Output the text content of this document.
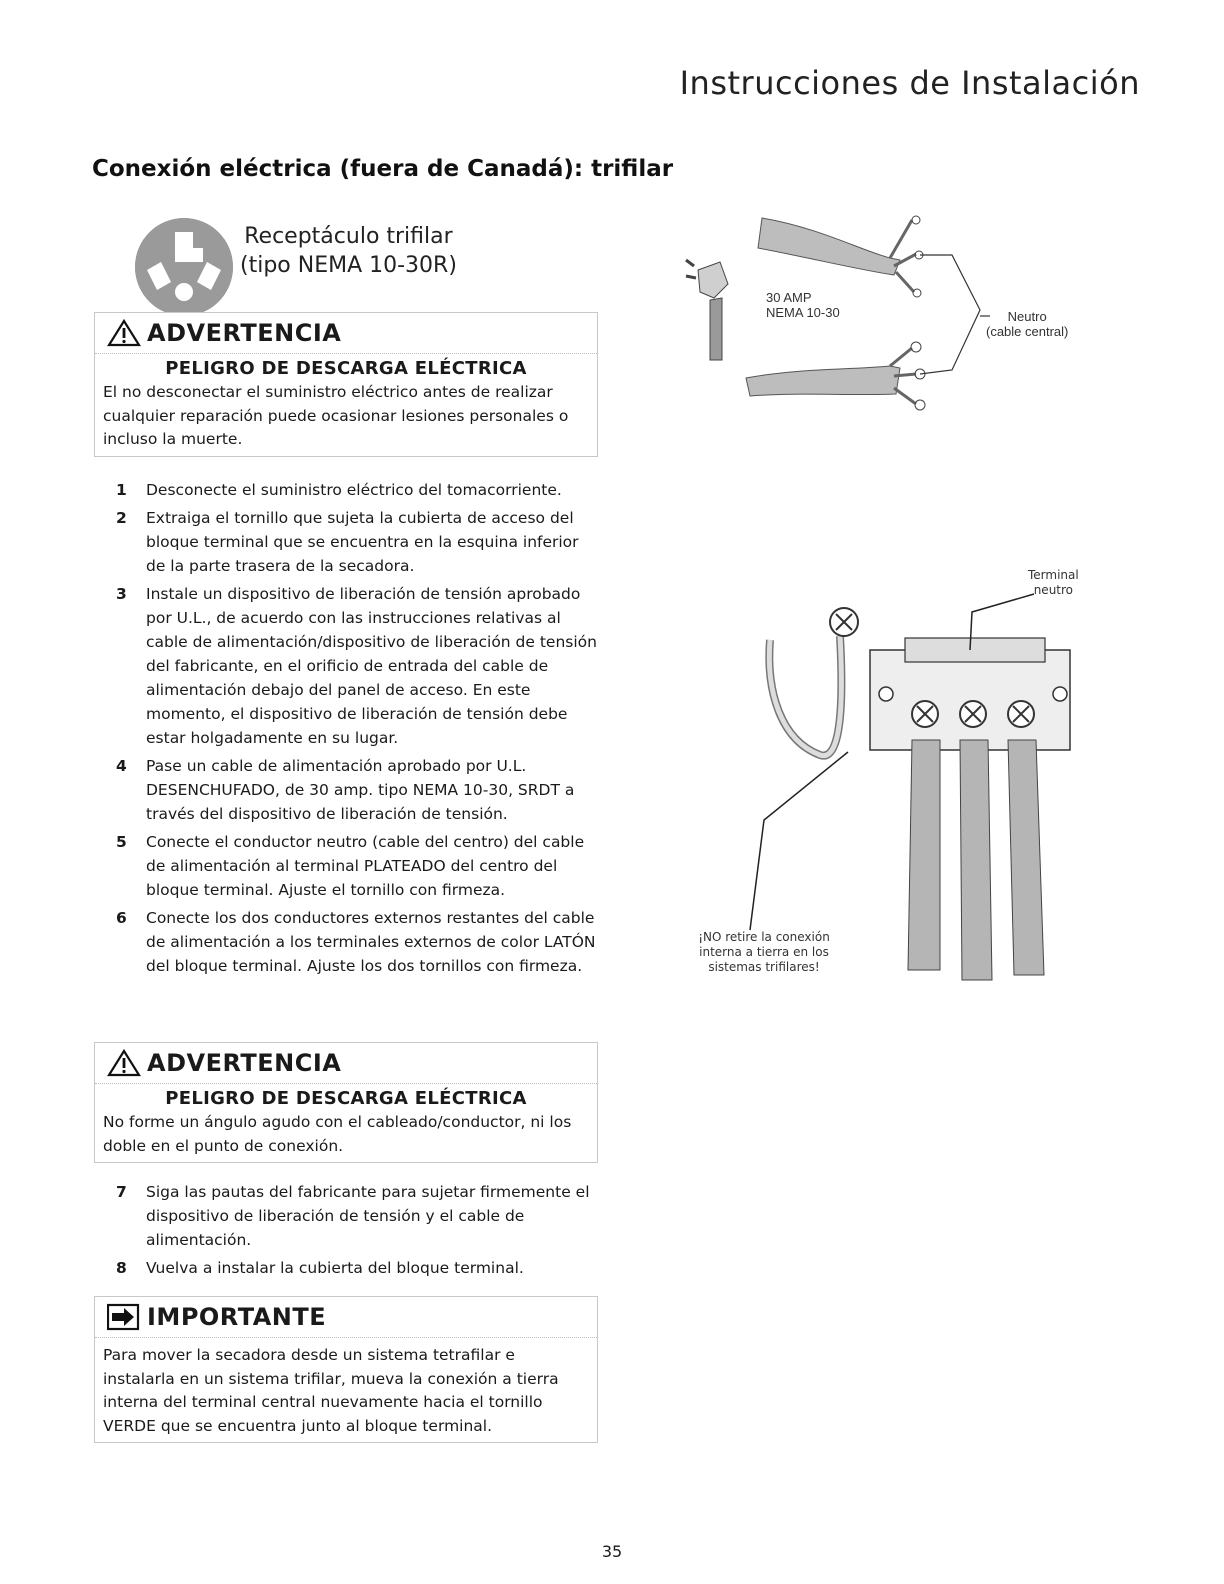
Instrucciones de Instalación
Conexión eléctrica (fuera de Canadá): trifilar
Receptáculo trifilar
(tipo NEMA 10-30R)
ADVERTENCIA
PELIGRO DE DESCARGA ELÉCTRICA
El no desconectar el suministro eléctrico antes de realizar cualquier reparación puede ocasionar lesiones personales o incluso la muerte.
1 Desconecte el suministro eléctrico del tomacorriente.
2 Extraiga el tornillo que sujeta la cubierta de acceso del bloque terminal que se encuentra en la esquina inferior de la parte trasera de la secadora.
3 Instale un dispositivo de liberación de tensión aprobado por U.L., de acuerdo con las instrucciones relativas al cable de alimentación/dispositivo de liberación de tensión del fabricante, en el orificio de entrada del cable de alimentación debajo del panel de acceso. En este momento, el dispositivo de liberación de tensión debe estar holgadamente en su lugar.
4 Pase un cable de alimentación aprobado por U.L. DESENCHUFADO, de 30 amp. tipo NEMA 10-30, SRDT a través del dispositivo de liberación de tensión.
5 Conecte el conductor neutro (cable del centro) del cable de alimentación al terminal PLATEADO del centro del bloque terminal. Ajuste el tornillo con firmeza.
6 Conecte los dos conductores externos restantes del cable de alimentación a los terminales externos de color LATÓN del bloque terminal. Ajuste los dos tornillos con firmeza.
ADVERTENCIA
PELIGRO DE DESCARGA ELÉCTRICA
No forme un ángulo agudo con el cableado/conductor, ni los doble en el punto de conexión.
7 Siga las pautas del fabricante para sujetar firmemente el dispositivo de liberación de tensión y el cable de alimentación.
8 Vuelva a instalar la cubierta del bloque terminal.
IMPORTANTE
Para mover la secadora desde un sistema tetrafilar e instalarla en un sistema trifilar, mueva la conexión a tierra interna del terminal central nuevamente hacia el tornillo VERDE que se encuentra junto al bloque terminal.
30 AMP
NEMA 10-30	Neutro
(cable central)
Terminal
neutro
¡NO retire la conexión
interna a tierra en los
sistemas trifilares!
35
